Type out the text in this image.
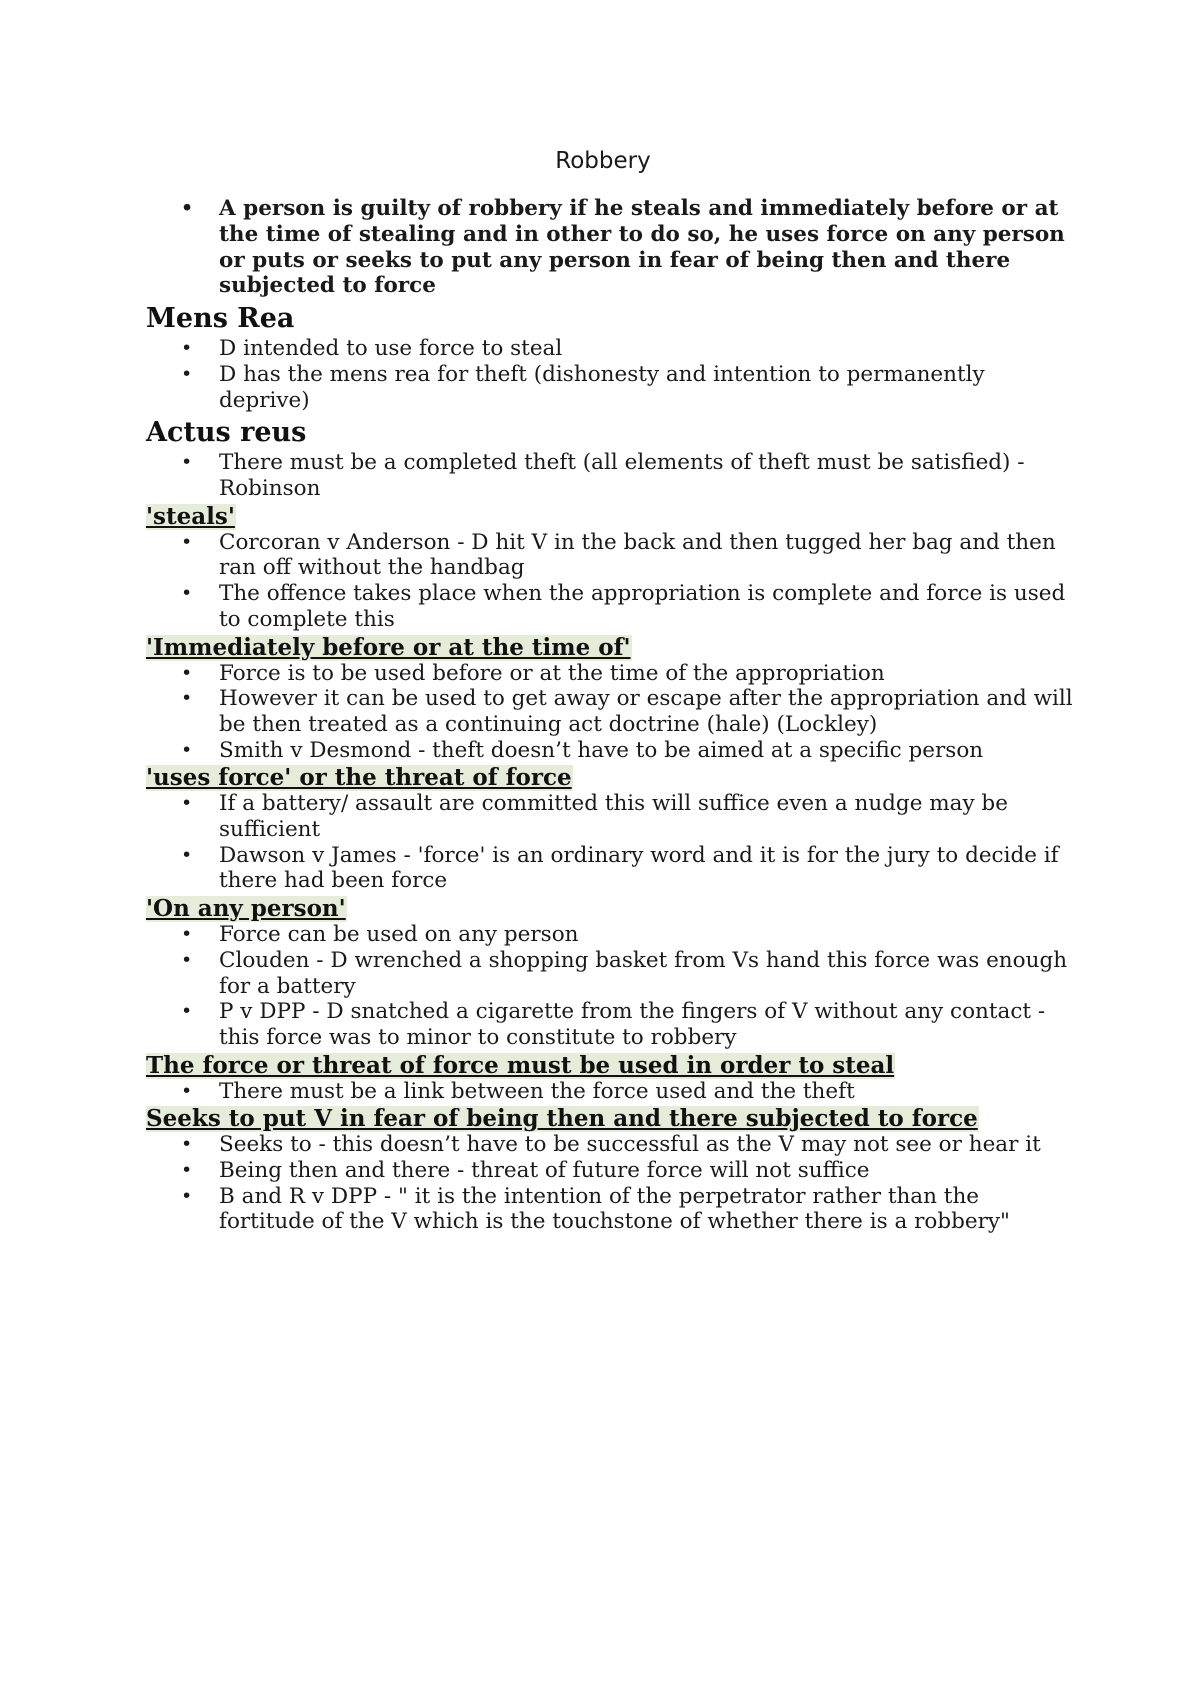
Robbery
• A person is guilty of robbery if he steals and immediately before or at the time of stealing and in other to do so, he uses force on any person or puts or seeks to put any person in fear of being then and there subjected to force
Mens Rea
• D intended to use force to steal
• D has the mens rea for theft (dishonesty and intention to permanently deprive)
Actus reus
• There must be a completed theft (all elements of theft must be satisfied) - Robinson
'steals'
• Corcoran v Anderson - D hit V in the back and then tugged her bag and then ran off without the handbag
• The offence takes place when the appropriation is complete and force is used to complete this
'Immediately before or at the time of'
• Force is to be used before or at the time of the appropriation
• However it can be used to get away or escape after the appropriation and will be then treated as a continuing act doctrine (hale) (Lockley)
• Smith v Desmond - theft doesn’t have to be aimed at a specific person
'uses force' or the threat of force
• If a battery/ assault are committed this will suffice even a nudge may be sufficient
• Dawson v James - 'force' is an ordinary word and it is for the jury to decide if there had been force
'On any person'
• Force can be used on any person
• Clouden - D wrenched a shopping basket from Vs hand this force was enough for a battery
• P v DPP - D snatched a cigarette from the fingers of V without any contact - this force was to minor to constitute to robbery
The force or threat of force must be used in order to steal
• There must be a link between the force used and the theft
Seeks to put V in fear of being then and there subjected to force
• Seeks to - this doesn’t have to be successful as the V may not see or hear it
• Being then and there - threat of future force will not suffice
• B and R v DPP - " it is the intention of the perpetrator rather than the fortitude of the V which is the touchstone of whether there is a robbery"
